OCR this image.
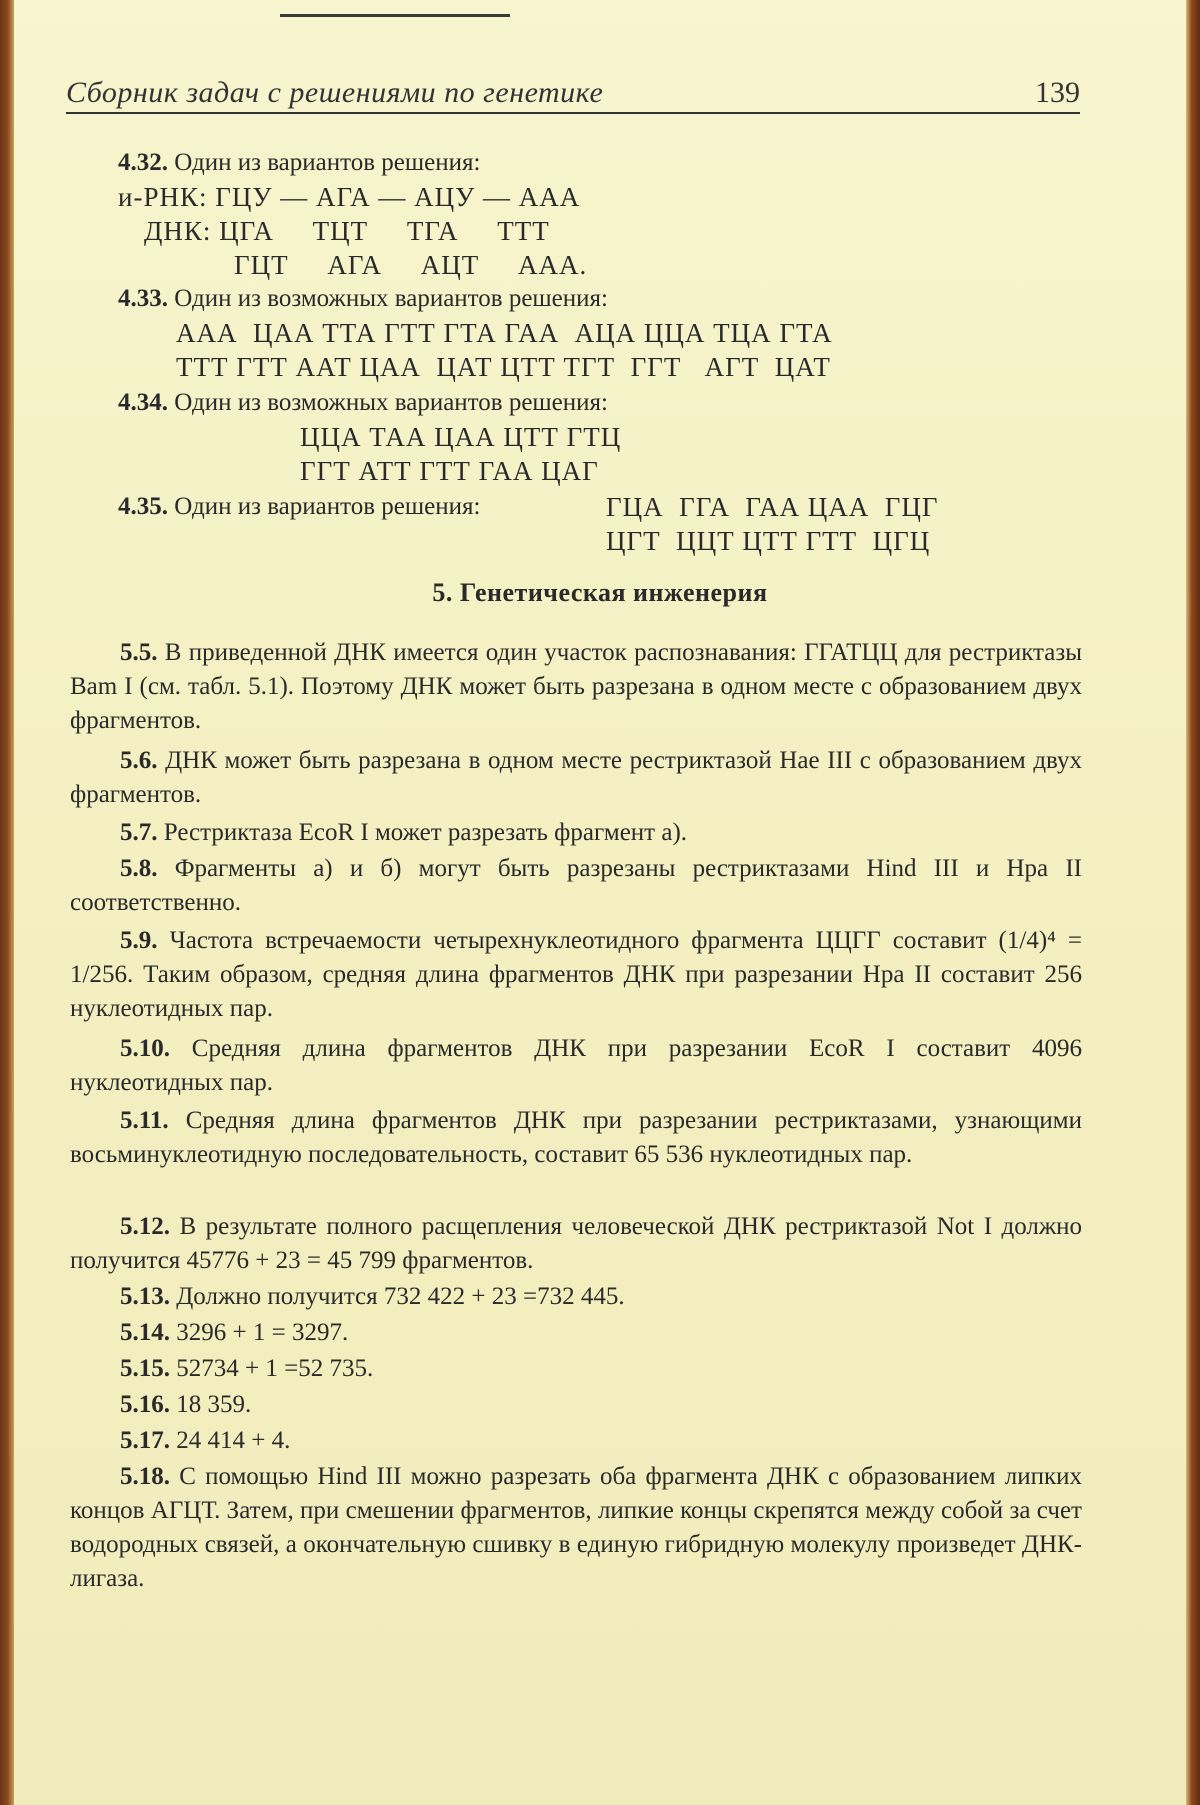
Сборник задач с решениями по генетике	139
4.32. Один из вариантов решения:
и-РНК: ГЦУ — АГА — АЦУ — ААА
ДНК: ЦГА     ТЦТ     ТГА     ТТТ
ГЦТ     АГА     АЦТ     ААА.
4.33. Один из возможных вариантов решения:
ААА  ЦАА ТТА ГТТ ГТА ГАА  АЦА ЦЦА ТЦА ГТА
ТТТ ГТТ ААТ ЦАА  ЦАТ ЦТТ ТГТ  ГГТ   АГТ  ЦАТ
4.34. Один из возможных вариантов решения:
ЦЦА ТАА ЦАА ЦТТ ГТЦ
ГГТ АТТ ГТТ ГАА ЦАГ
4.35. Один из вариантов решения:	ГЦА  ГГА  ГАА ЦАА  ГЦГ
ЦГТ  ЦЦТ ЦТТ ГТТ  ЦГЦ
5. Генетическая инженерия
5.5. В приведенной ДНК имеется один участок распознавания: ГГАТЦЦ для рестриктазы Bam I (см. табл. 5.1). Поэтому ДНК может быть разрезана в одном месте с образованием двух фрагментов.
5.6. ДНК может быть разрезана в одном месте рестриктазой Hae III с образованием двух фрагментов.
5.7. Рестриктаза EcoR I может разрезать фрагмент а).
5.8. Фрагменты а) и б) могут быть разрезаны рестриктазами Hind III и Hpa II соответственно.
5.9. Частота встречаемости четырехнуклеотидного фрагмента ЦЦГГ составит (1/4)⁴ = 1/256. Таким образом, средняя длина фрагментов ДНК при разрезании Hpa II составит 256 нуклеотидных пар.
5.10. Средняя длина фрагментов ДНК при разрезании EcoR I составит 4096 нуклеотидных пар.
5.11. Средняя длина фрагментов ДНК при разрезании рестриктазами, узнающими восьминуклеотидную последовательность, составит 65 536 нуклеотидных пар.
5.12. В результате полного расщепления человеческой ДНК рестриктазой Not I должно получится 45776 + 23 = 45 799 фрагментов.
5.13. Должно получится 732 422 + 23 =732 445.
5.14. 3296 + 1 = 3297.
5.15. 52734 + 1 =52 735.
5.16. 18 359.
5.17. 24 414 + 4.
5.18. С помощью Hind III можно разрезать оба фрагмента ДНК с образованием липких концов АГЦТ. Затем, при смешении фрагментов, липкие концы скрепятся между собой за счет водородных связей, а окончательную сшивку в единую гибридную молекулу произведет ДНК-лигаза.
